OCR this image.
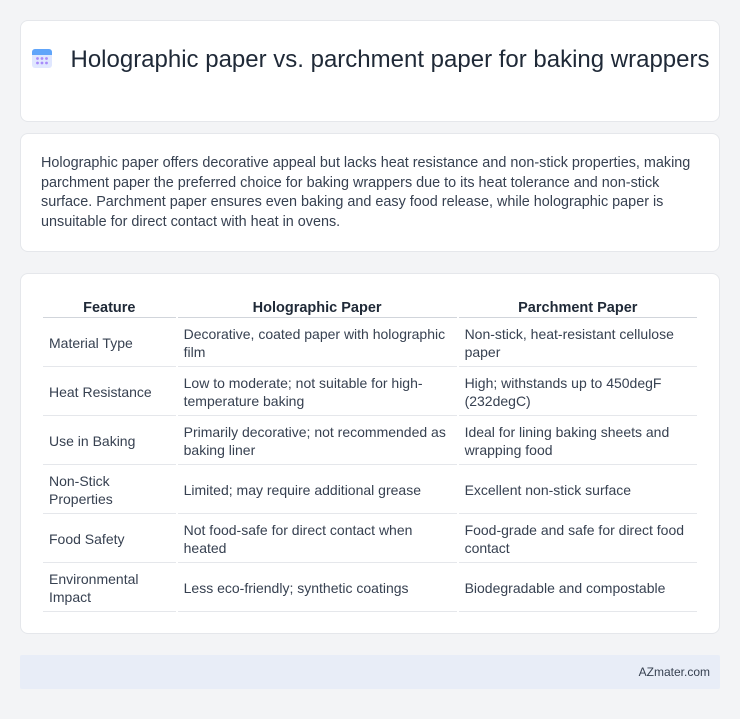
Holographic paper vs. parchment paper for baking wrappers

Holographic paper offers decorative appeal but lacks heat resistance and non-stick properties, making parchment paper the preferred choice for baking wrappers due to its heat tolerance and non-stick surface. Parchment paper ensures even baking and easy food release, while holographic paper is unsuitable for direct contact with heat in ovens.

Feature	Holographic Paper	Parchment Paper
Material Type	Decorative, coated paper with holographic film	Non-stick, heat-resistant cellulose paper
Heat Resistance	Low to moderate; not suitable for high-temperature baking	High; withstands up to 450degF (232degC)
Use in Baking	Primarily decorative; not recommended as baking liner	Ideal for lining baking sheets and wrapping food
Non-Stick Properties	Limited; may require additional grease	Excellent non-stick surface
Food Safety	Not food-safe for direct contact when heated	Food-grade and safe for direct food contact
Environmental Impact	Less eco-friendly; synthetic coatings	Biodegradable and compostable
AZmater.com
